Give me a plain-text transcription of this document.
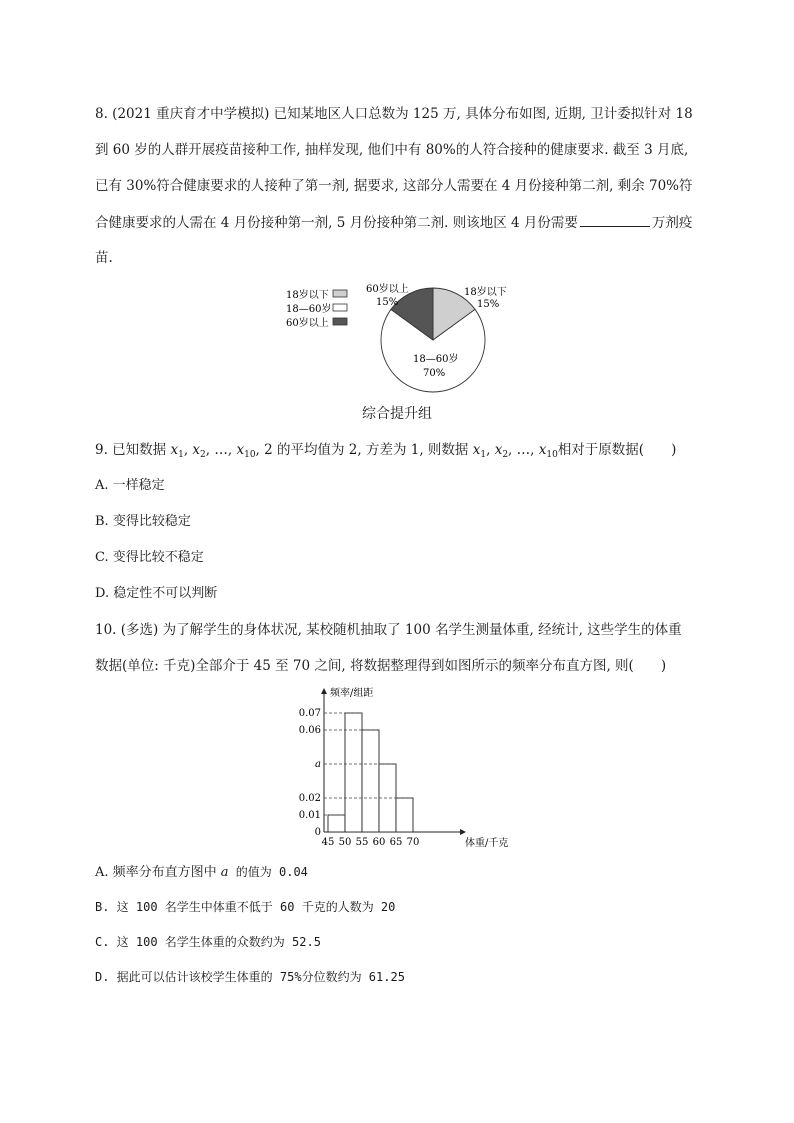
8. (2021 重庆育才中学模拟) 已知某地区人口总数为 125 万, 具体分布如图, 近期, 卫计委拟针对 18
到 60 岁的人群开展疫苗接种工作, 抽样发现, 他们中有 80%的人符合接种的健康要求. 截至 3 月底,
已有 30%符合健康要求的人接种了第一剂, 据要求, 这部分人需要在 4 月份接种第二剂, 剩余 70%符
合健康要求的人需在 4 月份接种第一剂, 5 月份接种第二剂. 则该地区 4 月份需要	万剂疫
苗.
18岁以下
18—60岁
60岁以上
18岁以下
15%
60岁以上
15%
18—60岁
70%
综合提升组
9. 已知数据 $x_1$, $x_2$, …, $x_{10}$, 2 的平均值为 2, 方差为 1, 则数据 $x_1$, $x_2$, …, $x_{10}$相对于原数据(　　)
A. 一样稳定
B. 变得比较稳定
C. 变得比较不稳定
D. 稳定性不可以判断
10. (多选) 为了解学生的身体状况, 某校随机抽取了 100 名学生测量体重, 经统计, 这些学生的体重
数据(单位: 千克)全部介于 45 至 70 之间, 将数据整理得到如图所示的频率分布直方图, 则(　　)
0
0.01
0.02
a
0.06
0.07
45 50 55 60 65 70	体重/千克
频率/组距
A. 频率分布直方图中 a 的值为 0.04
B. 这 100 名学生中体重不低于 60 千克的人数为 20
C. 这 100 名学生体重的众数约为 52.5
D. 据此可以估计该校学生体重的 75%分位数约为 61.25
